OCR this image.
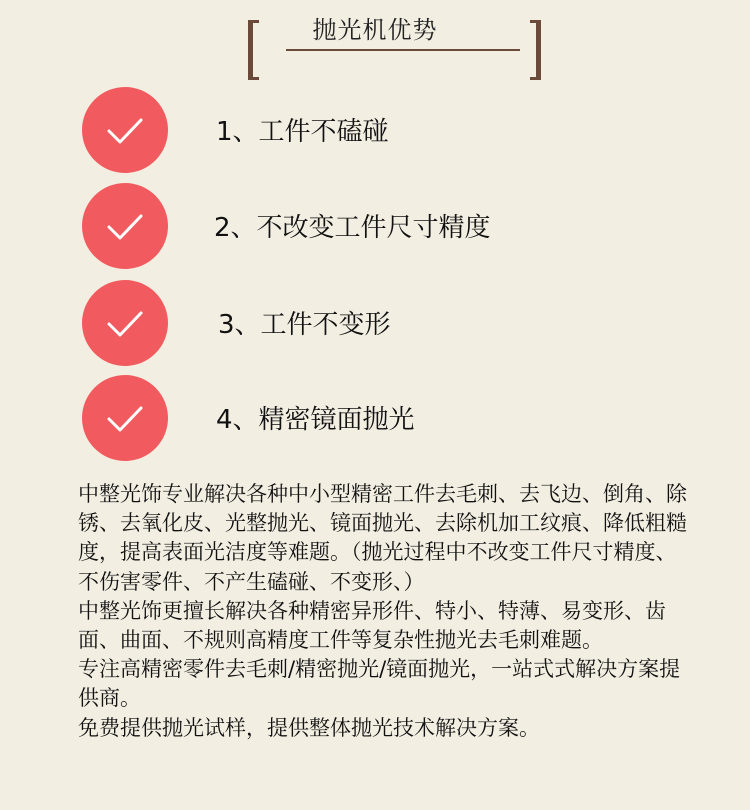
抛光机优势
1、工件不磕碰
2、不改变工件尺寸精度
3、工件不变形
4、精密镜面抛光

中整光饰专业解决各种中小型精密工件去毛刺、去飞边、倒角、除锈、去氧化皮、光整抛光、镜面抛光、去除机加工纹痕、降低粗糙度，提高表面光洁度等难题。（抛光过程中不改变工件尺寸精度、不伤害零件、不产生磕碰、不变形、）

中整光饰更擅长解决各种精密异形件、特小、特薄、易变形、齿面、曲面、不规则高精度工件等复杂性抛光去毛刺难题。

专注高精密零件去毛刺/精密抛光/镜面抛光，一站式式解决方案提供商。

免费提供抛光试样，提供整体抛光技术解决方案。
